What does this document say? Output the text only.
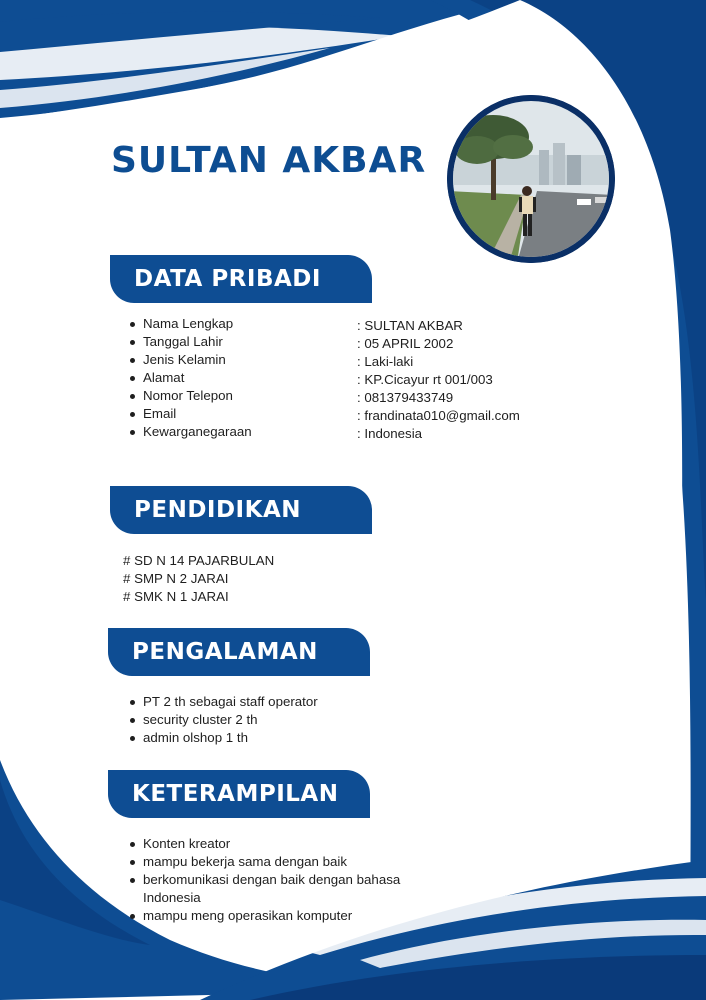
SULTAN AKBAR
DATA PRIBADI
Nama Lengkap
Tanggal Lahir
Jenis Kelamin
Alamat
Nomor Telepon
Email
Kewarganegaraan
: SULTAN AKBAR
: 05 APRIL 2002
: Laki-laki
: KP.Cicayur rt 001/003
: 081379433749
: frandinata010@gmail.com
: Indonesia
PENDIDIKAN
# SD N 14 PAJARBULAN
# SMP N 2 JARAI
# SMK N 1 JARAI
PENGALAMAN
PT 2 th sebagai staff operator
security cluster 2 th
admin olshop 1 th
KETERAMPILAN
Konten kreator
mampu bekerja sama dengan baik
berkomunikasi dengan baik dengan bahasa Indonesia
mampu meng operasikan komputer
